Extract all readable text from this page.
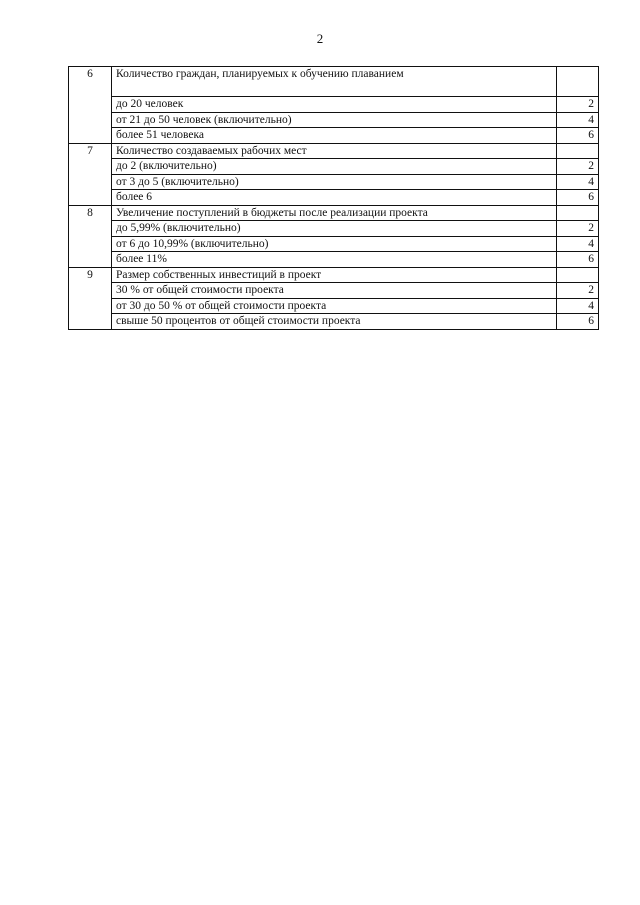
2
6	Количество граждан, планируемых к обучению плаванием	
	до 20 человек	2
	от 21 до 50 человек (включительно)	4
	более 51 человека	6
7	Количество создаваемых рабочих мест	
	до 2 (включительно)	2
	от 3 до 5 (включительно)	4
	более 6	6
8	Увеличение поступлений в бюджеты после реализации проекта	
	до 5,99% (включительно)	2
	от 6 до 10,99% (включительно)	4
	более 11%	6
9	Размер собственных инвестиций в проект	
	30 % от общей стоимости проекта	2
	от 30 до 50 % от общей стоимости проекта	4
	свыше 50 процентов от общей стоимости проекта	6
